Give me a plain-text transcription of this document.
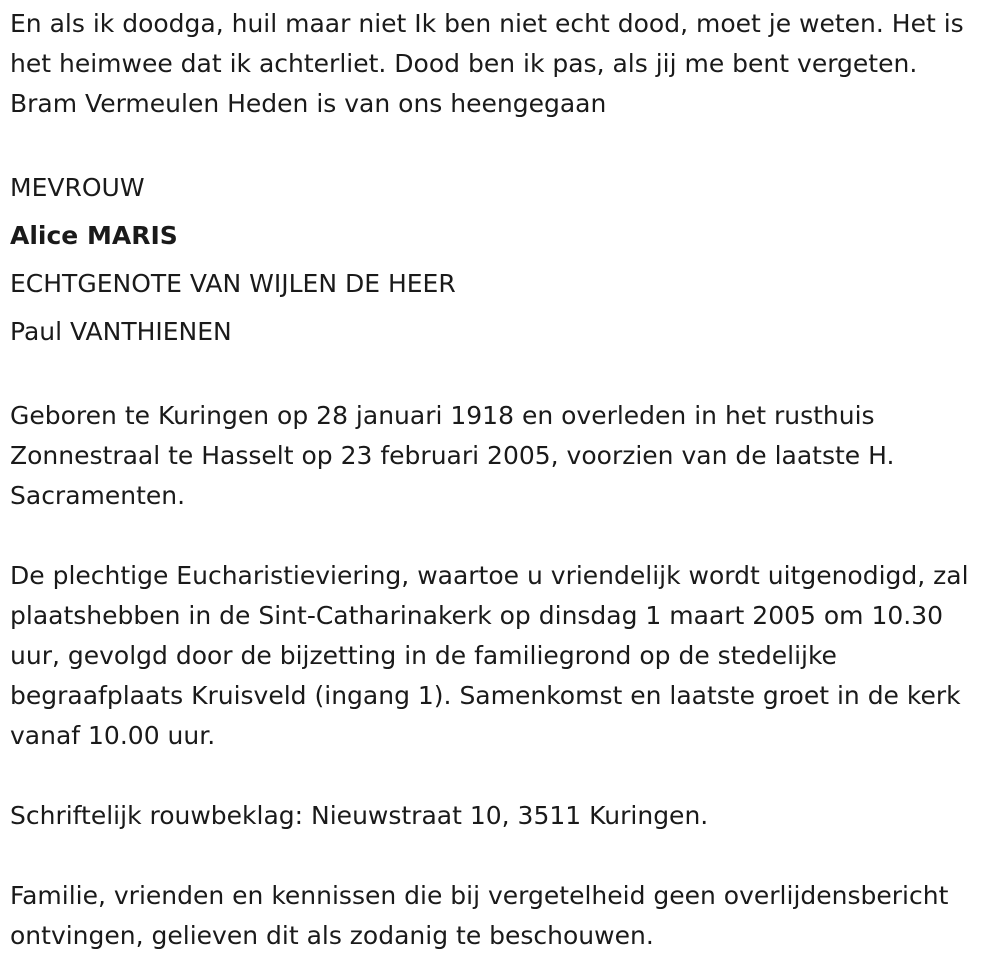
En als ik doodga, huil maar niet Ik ben niet echt dood, moet je weten. Het is het heimwee dat ik achterliet. Dood ben ik pas, als jij me bent vergeten. Bram Vermeulen Heden is van ons heengegaan

MEVROUW

Alice MARIS

ECHTGENOTE VAN WIJLEN DE HEER

Paul VANTHIENEN

Geboren te Kuringen op 28 januari 1918 en overleden in het rusthuis Zonnestraal te Hasselt op 23 februari 2005, voorzien van de laatste H. Sacramenten.

De plechtige Eucharistieviering, waartoe u vriendelijk wordt uitgenodigd, zal plaatshebben in de Sint-Catharinakerk op dinsdag 1 maart 2005 om 10.30 uur, gevolgd door de bijzetting in de familiegrond op de stedelijke begraafplaats Kruisveld (ingang 1). Samenkomst en laatste groet in de kerk vanaf 10.00 uur.

Schriftelijk rouwbeklag: Nieuwstraat 10, 3511 Kuringen.

Familie, vrienden en kennissen die bij vergetelheid geen overlijdensbericht ontvingen, gelieven dit als zodanig te beschouwen.
